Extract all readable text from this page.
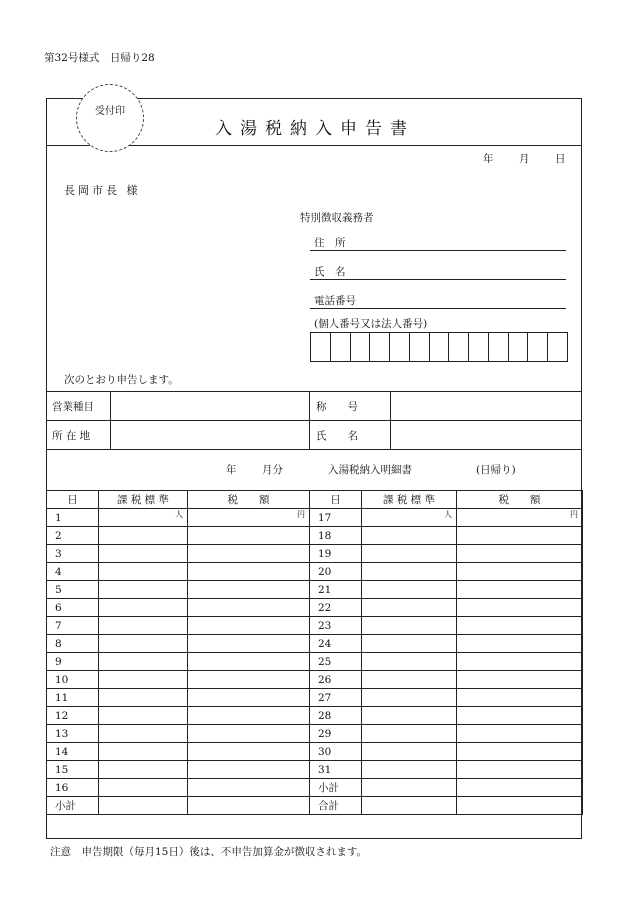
第32号様式　日帰り28
受付印
入湯税納入申告書
年 月 日
長岡市長 様
特別徴収義務者
住　所
氏　名
電話番号
(個人番号又は法人番号)
次のとおり申告します。
営業種目	称　　号
所 在 地	氏　　名
年 月分	入湯税納入明細書	(日帰り)
日	課 税 標 準	税　　額	日	課 税 標 準	税　　額
1	人	円	17	人	円

2			18		
3			19		
4			20		
5			21		
6			22		
7			23		
8			24		
9			25		
10			26		
11			27		
12			28		
13			29		
14			30		
15			31		
16			小計		
小計			合計		
注意　申告期限（毎月15日）後は、不申告加算金が徴収されます。
